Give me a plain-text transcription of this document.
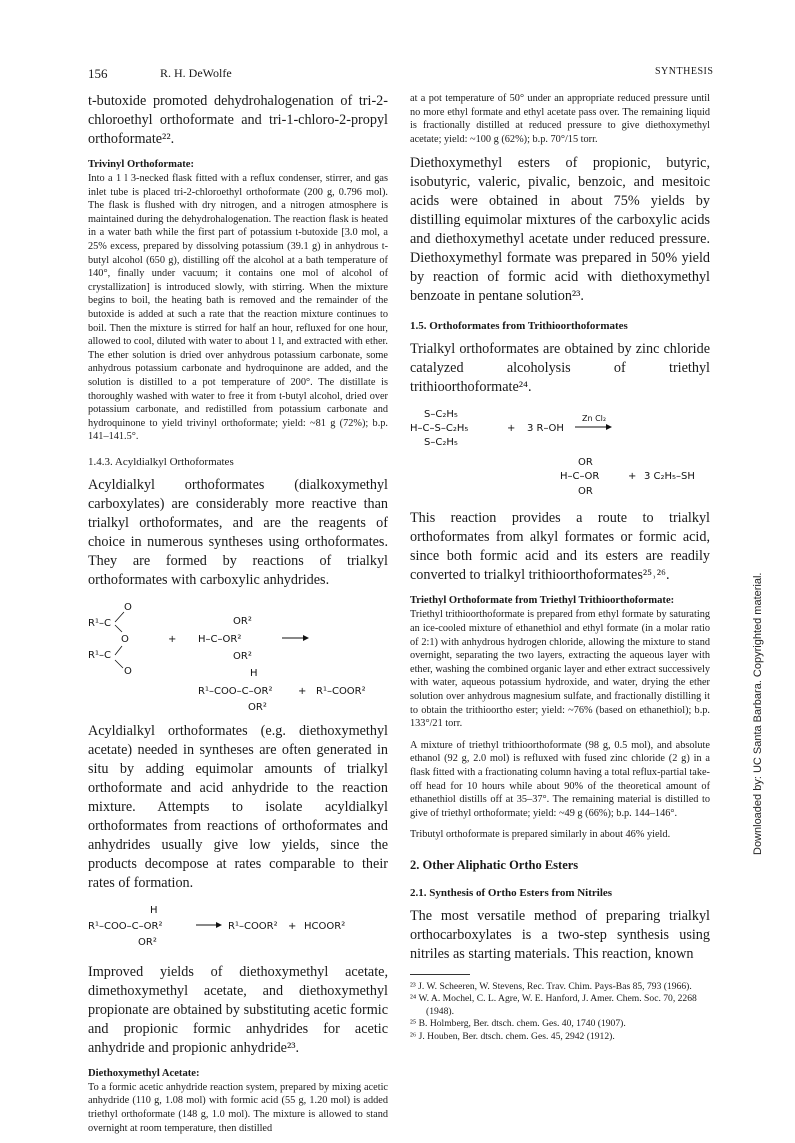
156	R. H. DeWolfe	SYNTHESIS

t-butoxide promoted dehydrohalogenation of tri-2-chloroethyl orthoformate and tri-1-chloro-2-propyl orthoformate²².

Trivinyl Orthoformate:

Into a 1 l 3-necked flask fitted with a reflux condenser, stirrer, and gas inlet tube is placed tri-2-chloroethyl orthoformate (200 g, 0.796 mol). The flask is flushed with dry nitrogen, and a nitrogen atmosphere is maintained during the dehydrohalogenation. The reaction flask is heated in a water bath while the first part of potassium t-butoxide [3.0 mol, a 25% excess, prepared by dissolving potassium (39.1 g) in anhydrous t-butyl alcohol (650 g), distilling off the alcohol at a bath temperature of 140°, finally under vacuum; it contains one mol of alcohol of crystallization] is introduced slowly, with stirring. When the mixture begins to boil, the heating bath is removed and the remainder of the butoxide is added at such a rate that the reaction mixture continues to boil. Then the mixture is stirred for half an hour, refluxed for one hour, allowed to cool, diluted with water to about 1 l, and extracted with ether. The ether solution is dried over anhydrous potassium carbonate, some anhydrous potassium carbonate and hydroquinone are added, and the solution is distilled to a pot temperature of 200°. The distillate is thoroughly washed with water to free it from t-butyl alcohol, dried over potassium carbonate, and redistilled from potassium carbonate and hydroquinone to yield trivinyl orthoformate; yield: ~81 g (72%); b.p. 141–141.5°.

1.4.3. Acyldialkyl Orthoformates

Acyldialkyl orthoformates (dialkoxymethyl carboxylates) are considerably more reactive than trialkyl orthoformates, and are the reagents of choice in numerous syntheses using orthoformates. They are formed by reactions of trialkyl orthoformates with carboxylic anhydrides.

R¹–C
O
O
R¹–C
O
+ H–C–OR²
OR²
OR²
H
R¹–COO–C–OR²
OR²
+ R¹–COOR²

Acyldialkyl orthoformates (e.g. diethoxymethyl acetate) needed in syntheses are often generated in situ by adding equimolar amounts of trialkyl orthoformate and acid anhydride to the reaction mixture. Attempts to isolate acyldialkyl orthoformates from reactions of orthoformates and anhydrides usually give low yields, since the products decompose at rates comparable to their rates of formation.

H
R¹–COO–C–OR²
OR²
R¹–COOR² + HCOOR²

Improved yields of diethoxymethyl acetate, dimethoxymethyl acetate, and diethoxymethyl propionate are obtained by substituting acetic formic and propionic formic anhydrides for acetic anhydride and propionic anhydride²³.

Diethoxymethyl Acetate:

To a formic acetic anhydride reaction system, prepared by mixing acetic anhydride (110 g, 1.08 mol) with formic acid (55 g, 1.20 mol) is added triethyl orthoformate (148 g, 1.0 mol). The mixture is allowed to stand overnight at room temperature, then distilled

at a pot temperature of 50° under an appropriate reduced pressure until no more ethyl formate and ethyl acetate pass over. The remaining liquid is fractionally distilled at reduced pressure to give diethoxymethyl acetate; yield: ~100 g (62%); b.p. 70°/15 torr.

Diethoxymethyl esters of propionic, butyric, isobutyric, valeric, pivalic, benzoic, and mesitoic acids were obtained in about 75% yields by distilling equimolar mixtures of the carboxylic acids and diethoxymethyl acetate under reduced pressure. Diethoxymethyl formate was prepared in 50% yield by reaction of formic acid with diethoxymethyl benzoate in pentane solution²³.

1.5. Orthoformates from Trithioorthoformates

Trialkyl orthoformates are obtained by zinc chloride catalyzed alcoholysis of triethyl trithioorthoformate²⁴.

S–C₂H₅
H–C–S–C₂H₅
S–C₂H₅
+ 3 R–OH
Zn Cl₂
OR
H–C–OR
OR
+ 3 C₂H₅–SH

This reaction provides a route to trialkyl orthoformates from alkyl formates or formic acid, since both formic acid and its esters are readily converted to trialkyl trithioorthoformates²⁵˒²⁶.

Triethyl Orthoformate from Triethyl Trithioorthoformate:

Triethyl trithioorthoformate is prepared from ethyl formate by saturating an ice-cooled mixture of ethanethiol and ethyl formate (in a molar ratio of 2:1) with anhydrous hydrogen chloride, allowing the mixture to stand overnight, separating the two layers, extracting the aqueous layer with ether, washing the combined organic layer and ether extract successively with water, aqueous potassium hydroxide, and water, drying the ether solution over anhydrous magnesium sulfate, and fractionally distilling it to obtain the trithioortho ester; yield: ~76% (based on ethanethiol); b.p. 133°/21 torr.

A mixture of triethyl trithioorthoformate (98 g, 0.5 mol), and absolute ethanol (92 g, 2.0 mol) is refluxed with fused zinc chloride (2 g) in a flask fitted with a fractionating column having a total reflux-partial take-off head for 10 hours while about 90% of the theoretical amount of ethanethiol distills off at 35–37°. The remaining material is distilled to give of triethyl orthoformate; yield: ~49 g (66%); b.p. 144–146°.

Tributyl orthoformate is prepared similarly in about 46% yield.

2. Other Aliphatic Ortho Esters

2.1. Synthesis of Ortho Esters from Nitriles

The most versatile method of preparing trialkyl orthocarboxylates is a two-step synthesis using nitriles as starting materials. This reaction, known

²³ J. W. Scheeren, W. Stevens, Rec. Trav. Chim. Pays-Bas 85, 793 (1966).

²⁴ W. A. Mochel, C. L. Agre, W. E. Hanford, J. Amer. Chem. Soc. 70, 2268 (1948).

²⁵ B. Holmberg, Ber. dtsch. chem. Ges. 40, 1740 (1907).

²⁶ J. Houben, Ber. dtsch. chem. Ges. 45, 2942 (1912).

Downloaded by: UC Santa Barbara. Copyrighted material.
